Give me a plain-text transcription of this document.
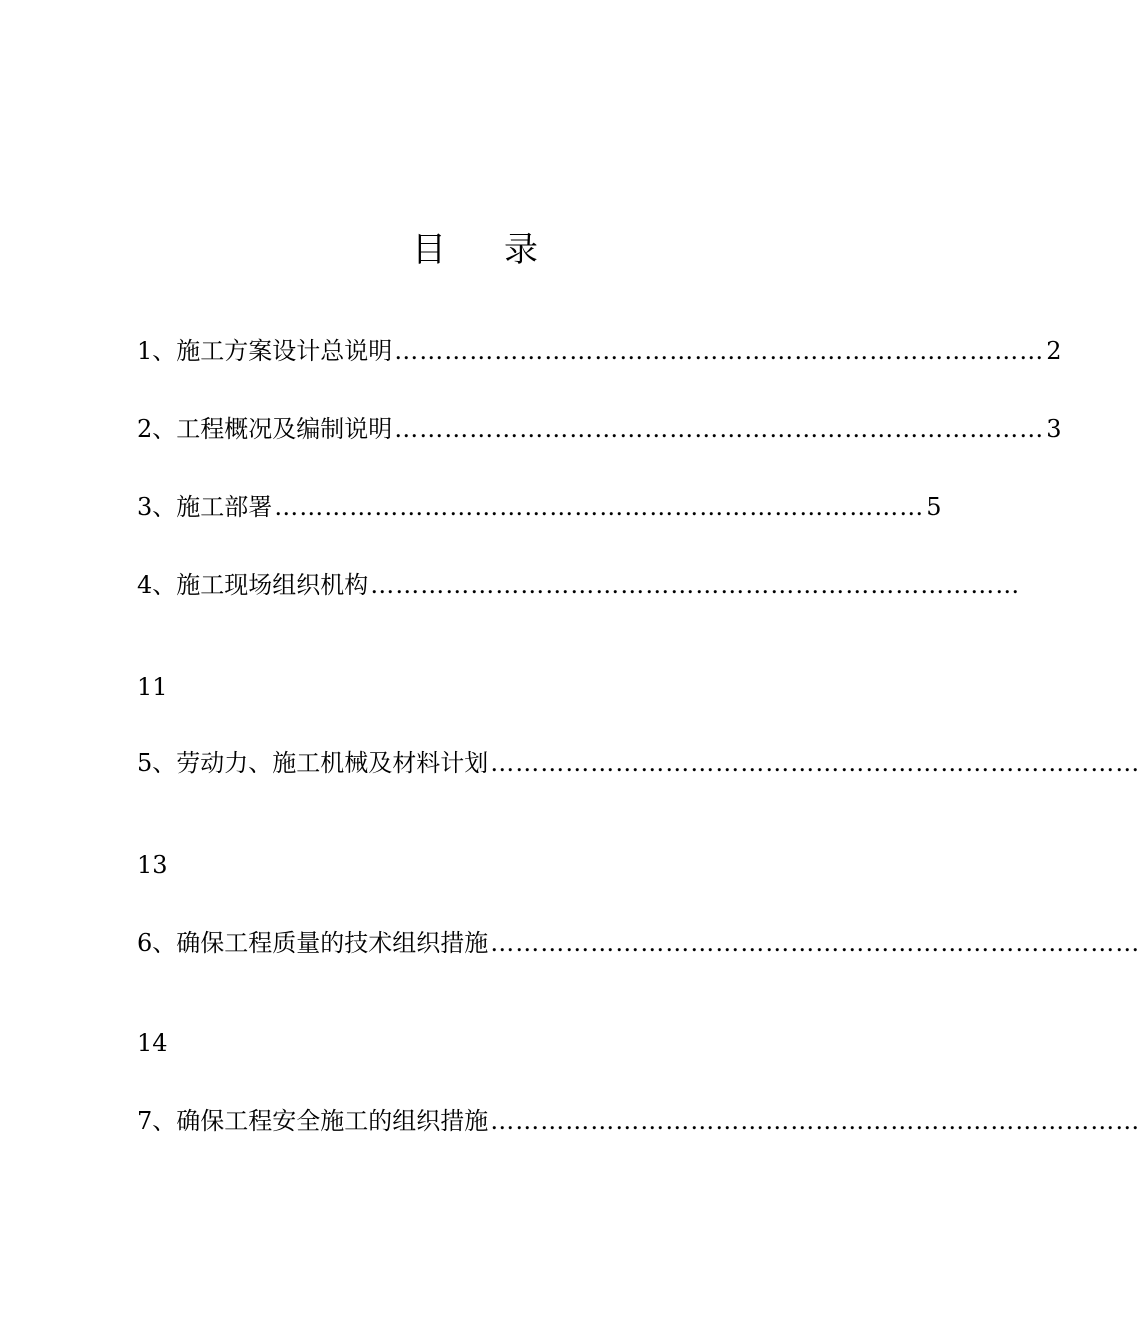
目 录
1、施工方案设计总说明 …………………………………………………………………… 2
2、工程概况及编制说明 …………………………………………………………………… 3
3、施工部署 …………………………………………………………………… 5
4、施工现场组织机构 ……………………………………………………………………
11
5、劳动力、施工机械及材料计划 ……………………………………………………………………
13
6、确保工程质量的技术组织措施 ……………………………………………………………………
14
7、确保工程安全施工的组织措施 ……………………………………………………………………
